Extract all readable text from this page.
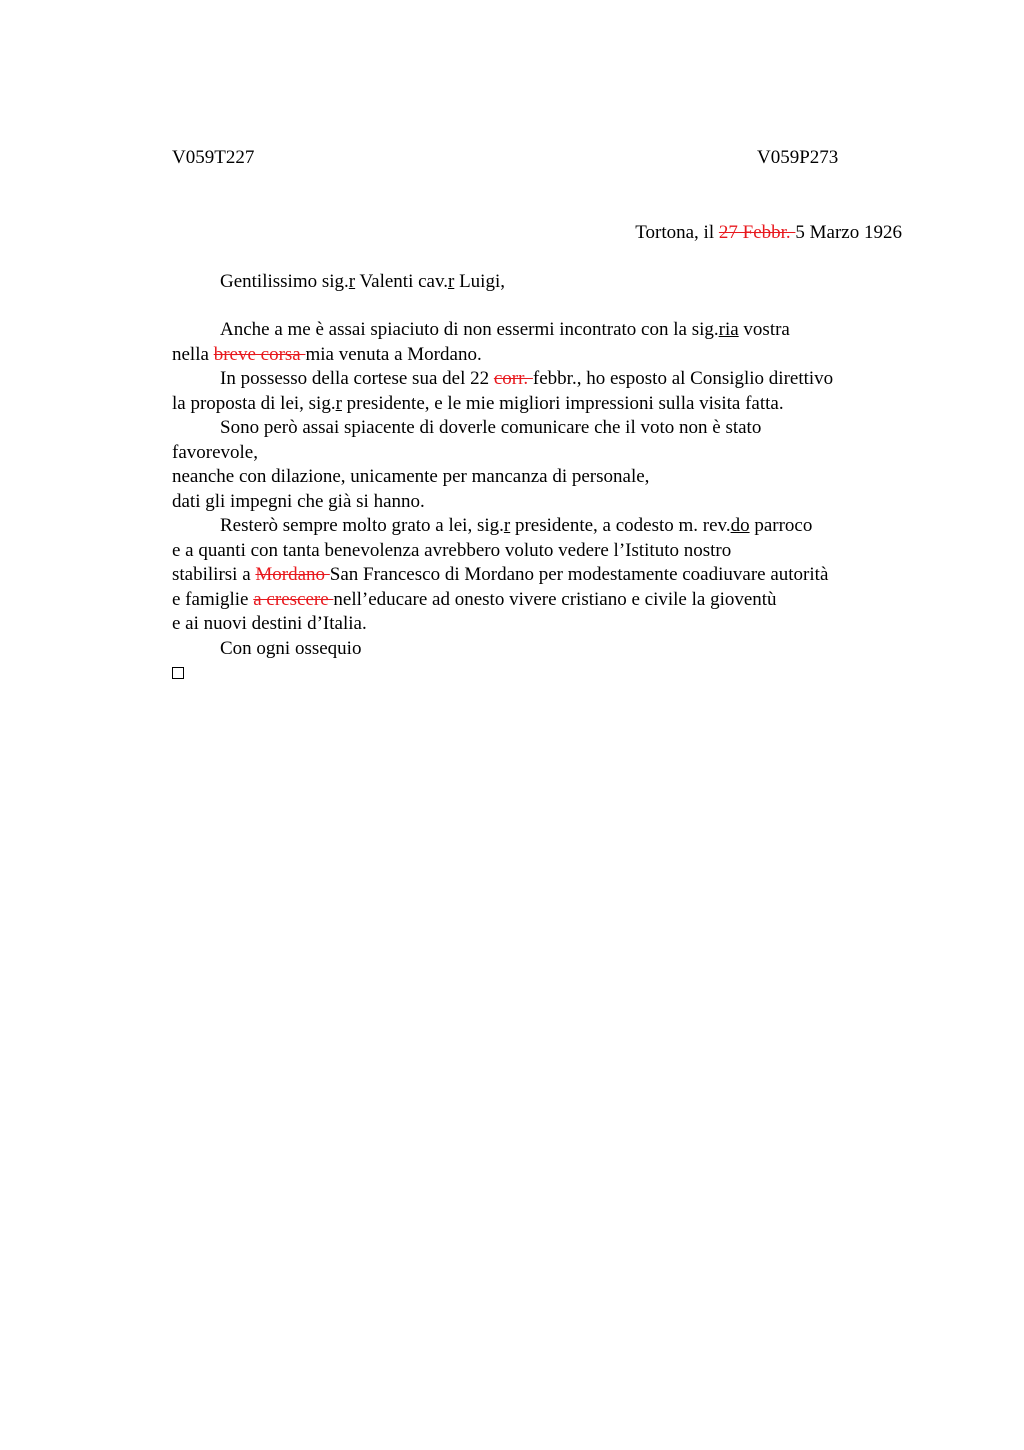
V059T227	V059P273
Tortona, il 27 Febbr. 5 Marzo 1926
Gentilissimo sig.r Valenti cav.r Luigi,
Anche a me è assai spiaciuto di non essermi incontrato con la sig.ria vostra
nella breve corsa mia venuta a Mordano.
In possesso della cortese sua del 22 corr. febbr., ho esposto al Consiglio direttivo
la proposta di lei, sig.r presidente, e le mie migliori impressioni sulla visita fatta.
Sono però assai spiacente di doverle comunicare che il voto non è stato
favorevole,
neanche con dilazione, unicamente per mancanza di personale,
dati gli impegni che già si hanno.
Resterò sempre molto grato a lei, sig.r presidente, a codesto m. rev.do parroco
e a quanti con tanta benevolenza avrebbero voluto vedere l’Istituto nostro
stabilirsi a Mordano San Francesco di Mordano per modestamente coadiuvare autorità
e famiglie a crescere nell’educare ad onesto vivere cristiano e civile la gioventù
e ai nuovi destini d’Italia.
Con ogni ossequio
